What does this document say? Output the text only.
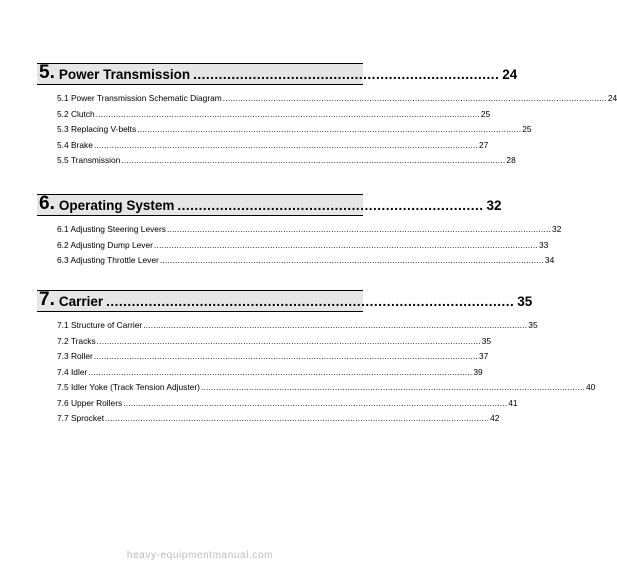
5. Power Transmission ........................................................................ 24
5.1 Power Transmission Schematic Diagram ........................................................................................................................................................ 24
5.2 Clutch ........................................................................................................................................................ 25
5.3 Replacing V-belts ........................................................................................................................................................ 25
5.4 Brake ........................................................................................................................................................ 27
5.5 Transmission ........................................................................................................................................................ 28
6. Operating System ........................................................................ 32
6.1 Adjusting Steering Levers ........................................................................................................................................................ 32
6.2 Adjusting Dump Lever ........................................................................................................................................................ 33
6.3 Adjusting Throttle Lever ........................................................................................................................................................ 34
7. Carrier ................................................................................................ 35
7.1 Structure of Carrier ........................................................................................................................................................ 35
7.2 Tracks ........................................................................................................................................................ 35
7.3 Roller ........................................................................................................................................................ 37
7.4 Idler ........................................................................................................................................................ 39
7.5 Idler Yoke (Track Tension Adjuster) ........................................................................................................................................................ 40
7.6 Upper Rollers ........................................................................................................................................................ 41
7.7 Sprocket ........................................................................................................................................................ 42
heavy-equipmentmanual.com
